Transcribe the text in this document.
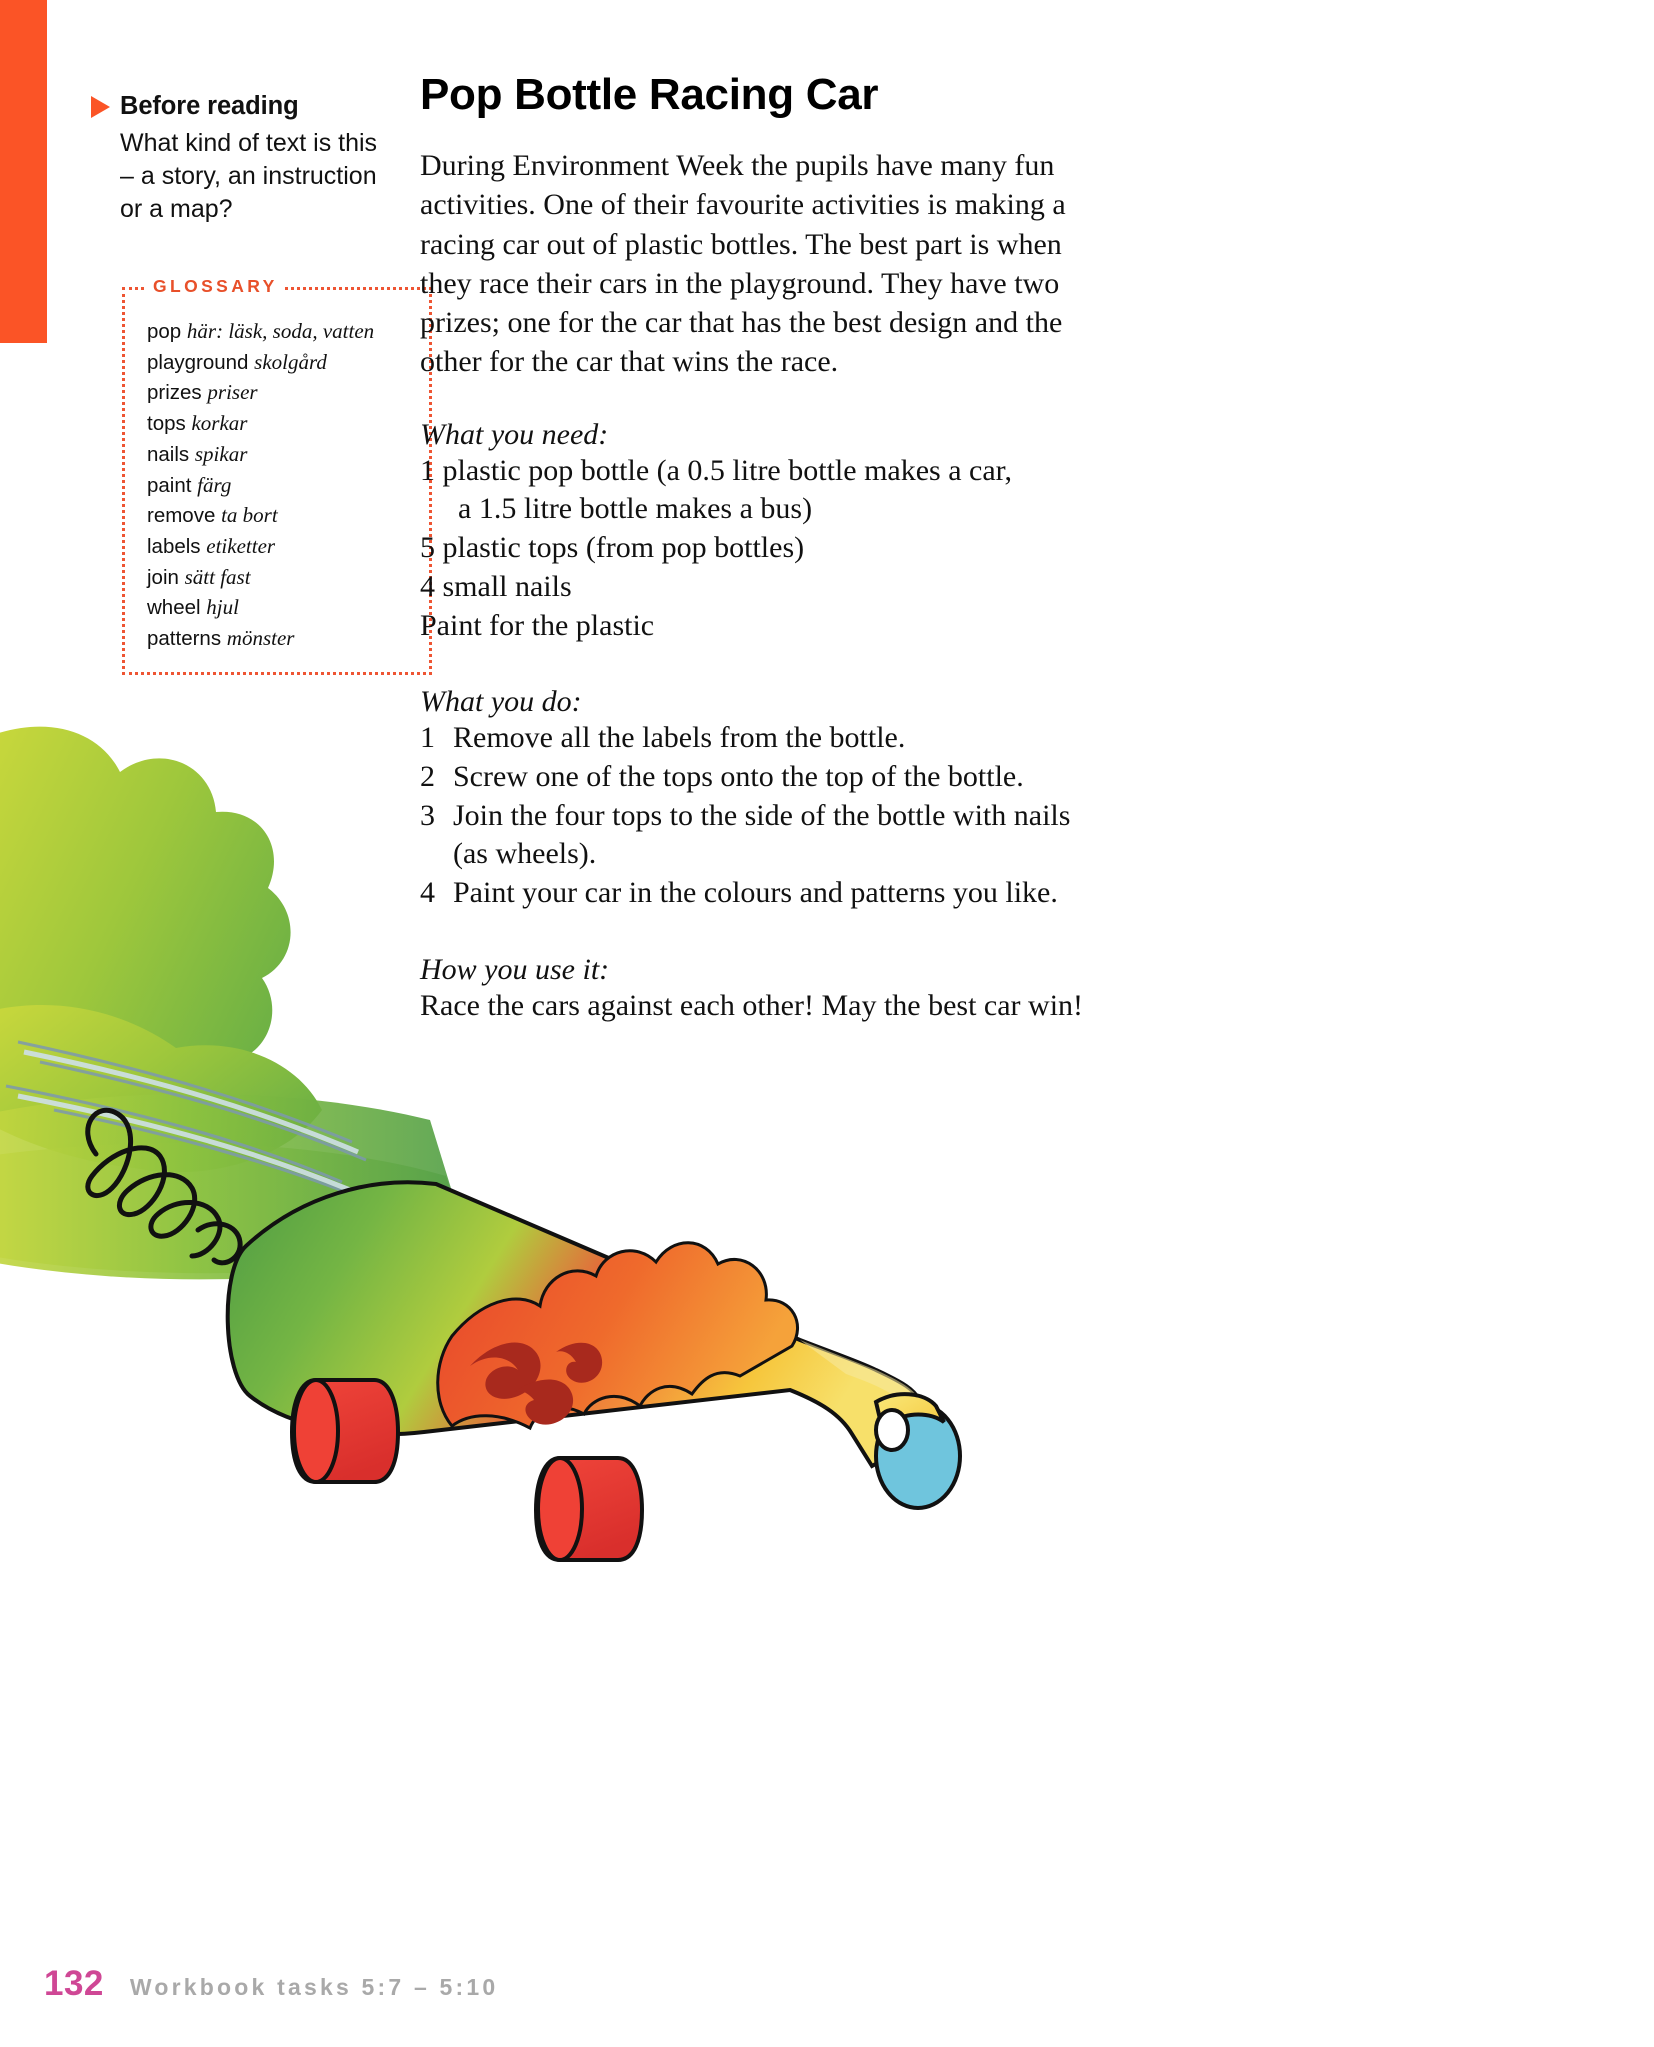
Before reading
What kind of text is this
– a story, an instruction
or a map?
GLOSSARY
pop här: läsk, soda, vatten
playground skolgård
prizes priser
tops korkar
nails spikar
paint färg
remove ta bort
labels etiketter
join sätt fast
wheel hjul
patterns mönster
Pop Bottle Racing Car
During Environment Week the pupils have many fun
activities. One of their favourite activities is making a
racing car out of plastic bottles. The best part is when
they race their cars in the playground. They have two
prizes; one for the car that has the best design and the
other for the car that wins the race.
What you need:
1 plastic pop bottle (a 0.5 litre bottle makes a car,
a 1.5 litre bottle makes a bus)
5 plastic tops (from pop bottles)
4 small nails
Paint for the plastic
What you do:
1 Remove all the labels from the bottle.
2 Screw one of the tops onto the top of the bottle.
3 Join the four tops to the side of the bottle with nails
(as wheels).
4 Paint your car in the colours and patterns you like.
How you use it:
Race the cars against each other! May the best car win!
132 Workbook tasks 5:7 – 5:10
